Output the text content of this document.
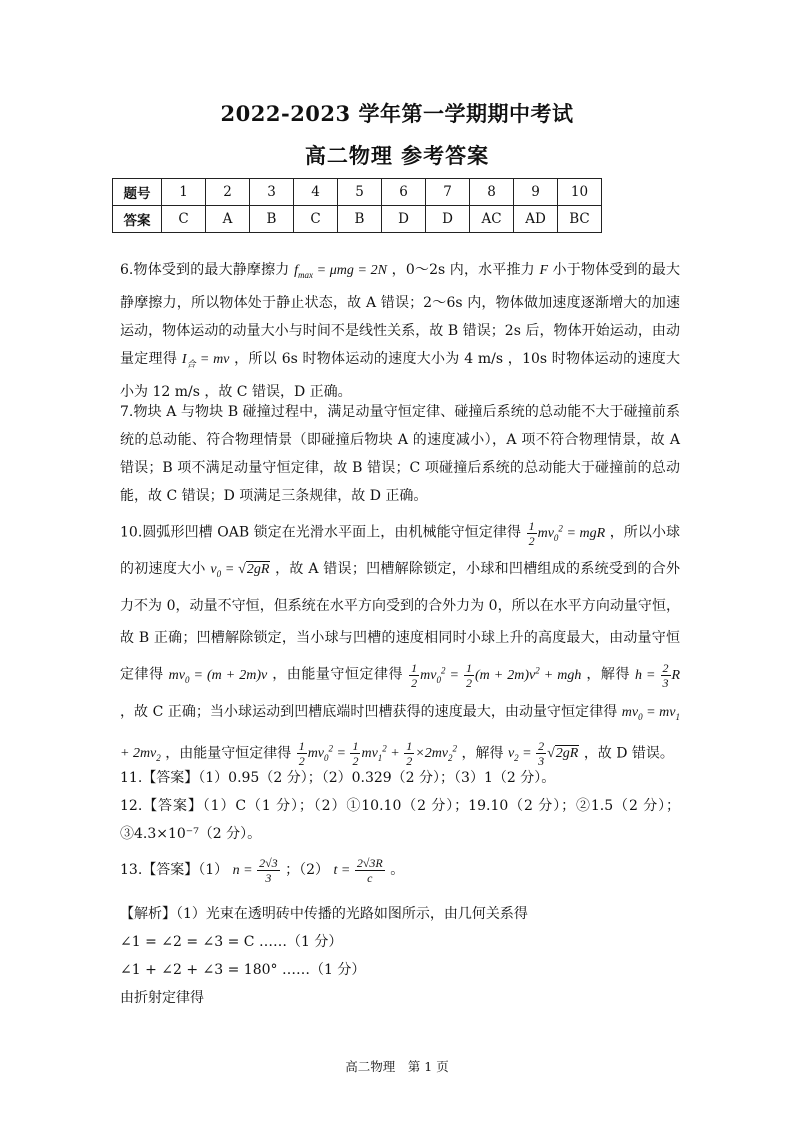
2022-2023 学年第一学期期中考试
高二物理 参考答案
题号	1	2	3	4	5	6	7	8	9	10
答案	C	A	B	C	B	D	D	AC	AD	BC
6.物体受到的最大静摩擦力 $f_{max} = \mu mg = 2N$ ，0～2s 内，水平推力 F 小于物体受到的最大静摩擦力，所以物体处于静止状态，故 A 错误；2～6s 内，物体做加速度逐渐增大的加速运动，物体运动的动量大小与时间不是线性关系，故 B 错误；2s 后，物体开始运动，由动量定理得 $I_合$ = mv ，所以 6s 时物体运动的速度大小为 4 m/s ，10s 时物体运动的速度大小为 12 m/s ，故 C 错误，D 正确。
7.物块 A 与物块 B 碰撞过程中，满足动量守恒定律、碰撞后系统的总动能不大于碰撞前系统的总动能、符合物理情景（即碰撞后物块 A 的速度减小），A 项不符合物理情景，故 A 错误；B 项不满足动量守恒定律，故 B 错误；C 项碰撞后系统的总动能大于碰撞前的总动能，故 C 错误；D 项满足三条规律，故 D 正确。
10.圆弧形凹槽 OAB 锁定在光滑水平面上，由机械能守恒定律得 $\frac{1}{2} mv_0^2$ = mgR ，所以小球的初速度大小 $v_0 = √2gR$ ，故 A 错误；凹槽解除锁定，小球和凹槽组成的系统受到的合外力不为 0，动量不守恒，但系统在水平方向受到的合外力为 0，所以在水平方向动量守恒，故 B 正确；凹槽解除锁定，当小球与凹槽的速度相同时小球上升的高度最大，由动量守恒定律得 $mv_0 = (m + 2m)v$ ，由能量守恒定律得 $\frac{1}{2} mv_0^2 = \frac{1}{2} (m + 2m)v^2$ + mgh ，解得 $h = \frac{2}{3}$ R ，故 C 正确；当小球运动到凹槽底端时凹槽获得的速度最大，由动量守恒定律得 $mv_0 = mv_1 + 2mv_2$ ，由能量守恒定律得 $\frac{1}{2} mv_0^2 = \frac{1}{2} mv_1^2 + \frac{1}{2} \times 2mv_2^2$ ，解得 $v_2 = \frac{2}{3} √2gR$ ，故 D 错误。
11.【答案】（1）0.95（2 分）；（2）0.329（2 分）；（3）1（2 分）。
12.【答案】（1）C（1 分）；（2）①10.10（2 分）；19.10（2 分）；②1.5（2 分）；③4.3×10⁻⁷（2 分）。
13.【答案】（1） $n = \frac{2√3}{3}$ ；（2） $t = \frac{2√3R}{c}$ 。
【解析】（1）光束在透明砖中传播的光路如图所示，由几何关系得
∠1 = ∠2 = ∠3 = C ……（1 分）
∠1 + ∠2 + ∠3 = 180° ……（1 分）
由折射定律得
高二物理　第 1 页
